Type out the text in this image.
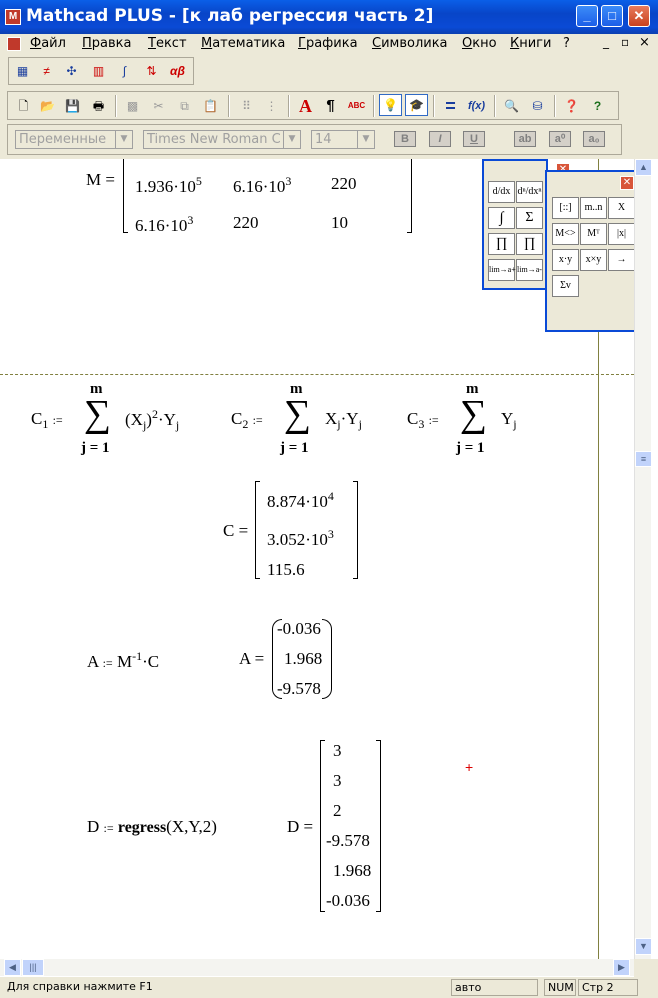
M Mathcad PLUS - [к лаб регрессия часть 2]	_	□	✕
Файл Правка Текст Математика Графика Символика Окно Книги ?	_ ▫ ×
▦	≠	✣	▥	∫	⇅	αβ
🗋 📂 💾	🖶	▩	✂	⧉	📋	⠿	⋮	A ¶	ABC	💡 🎓	=	f(x)	🔍	⛁	❓	?
Переменные	▼	Times New Roman C ▼	14	▼	B	I	U	ab	a⁰	a₀
$M = 1.936\cdot 10^5$ $6.16\cdot 10^3$ 220
$6.16\cdot 10^3$ 220	10
$C_1$ :=
m
∑
j = 1
$(X_j)^2\cdot Y_j$	$C_2$ :=
m
∑
j = 1
$X_j\cdot Y_j$	$C_3$ :=
m
∑
j = 1
$Y_j$
C =
$8.874\cdot 10^4$
$3.052\cdot 10^3$
115.6
A := $M^{-1}\cdot C$	A =
-0.036
1.968
-9.578
D := regress(X,Y,2)	D =
3
3
2
-9.578
1.968
-0.036
+
d/dx dⁿ/dxⁿ
∫	Σ
∏	∏
lim→a+ lim→a-
✕
[::]	m..n	X
M<>	Mᵀ	|x|
x·y	x×y	→
Σv
▲
≡
▼
◀	|||	▶
Для справки нажмите F1	авто	NUM Стр 2
